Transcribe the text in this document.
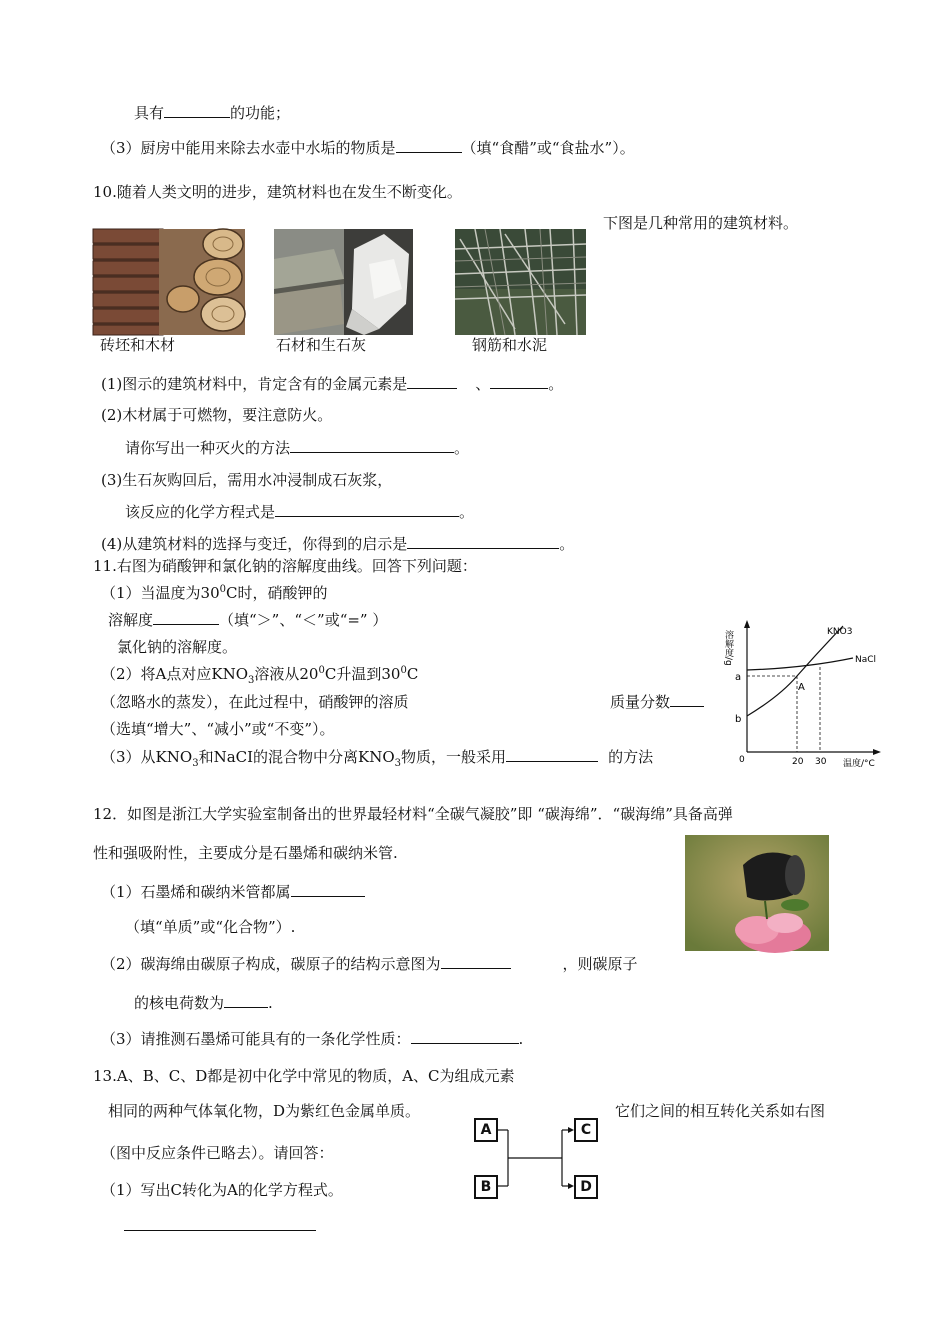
具有	的功能；
（3）厨房中能用来除去水壶中水垢的物质是	（填“食醋”或“食盐水”）。
10.随着人类文明的进步，建筑材料也在发生不断变化。
下图是几种常用的建筑材料。
砖坯和木材	石材和生石灰	钢筋和水泥
(1)图示的建筑材料中，肯定含有的金属元素是	、	。
(2)木材属于可燃物，要注意防火。
请你写出一种灭火的方法	。
(3)生石灰购回后，需用水冲浸制成石灰浆，
该反应的化学方程式是	。
(4)从建筑材料的选择与变迁，你得到的启示是	。
11.右图为硝酸钾和氯化钠的溶解度曲线。回答下列问题：
（1）当温度为$30^0C$时，硝酸钾的
溶解度	（填“＞”、“＜”或“=” ）
氯化钠的溶解度。
（2）将A点对应$KNO_3$溶液从$20^0C$升温到$30^0C$
（忽略水的蒸发），在此过程中，硝酸钾的溶质	质量分数
（选填“增大”、“减小”或“不变”）。
（3）从$KNO_3$和NaCI的混合物中分离$KNO_3$物质，一般采用	的方法
溶解度/g
温度/°C
0	20 30
a
b
KNO3
NaCl
A
12．如图是浙江大学实验室制备出的世界最轻材料“全碳气凝胶”即 “碳海绵”．“碳海绵”具备高弹
性和强吸附性，主要成分是石墨烯和碳纳米管.
（1）石墨烯和碳纳米管都属
（填“单质”或“化合物”）.
（2）碳海绵由碳原子构成，碳原子的结构示意图为	，则碳原子
的核电荷数为	.
（3）请推测石墨烯可能具有的一条化学性质：	.
13.A、B、C、D都是初中化学中常见的物质，A、C为组成元素
相同的两种气体氧化物，D为紫红色金属单质。	它们之间的相互转化关系如右图
（图中反应条件已略去）。请回答：
（1）写出C转化为A的化学方程式。
A
B
C
D
